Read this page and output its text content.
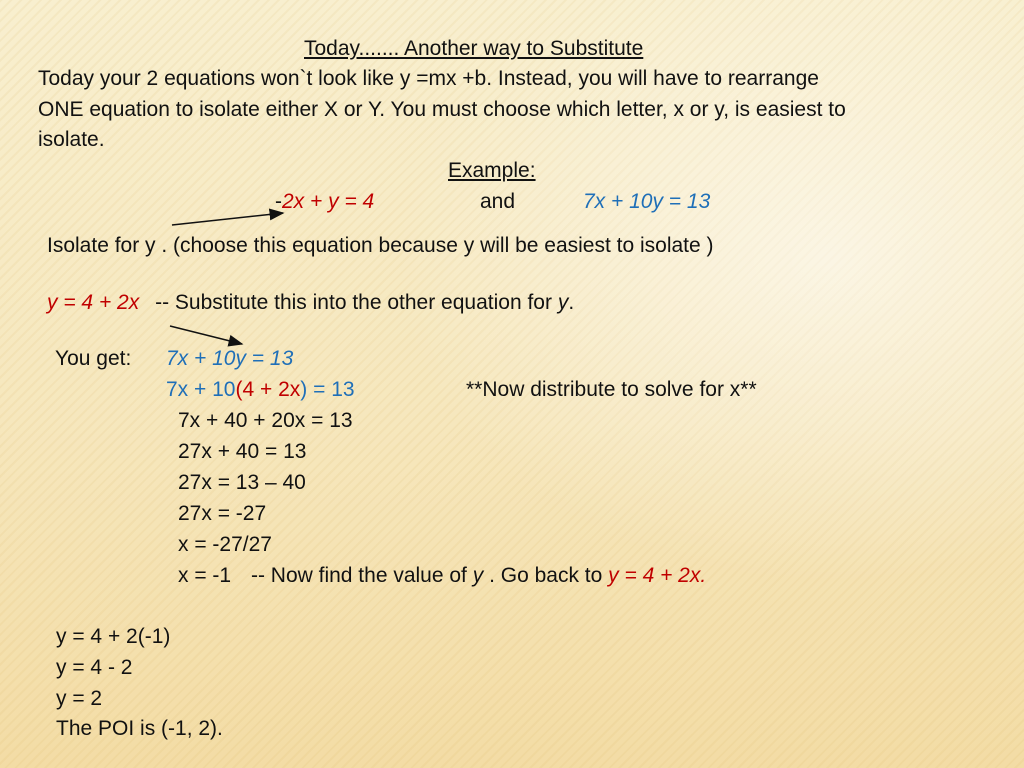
Today....... Another way to Substitute
Today your 2 equations won`t look like y =mx +b. Instead, you will have to rearrange
ONE equation to isolate either X or Y. You must choose which letter, x or y, is easiest to
isolate.
Example:
-2x + y = 4	and	7x + 10y = 13
Isolate for y . (choose this equation because y will be easiest to isolate )
y = 4 + 2x -- Substitute this into the other equation for y.
You get: 7x + 10y = 13
7x + 10(4 + 2x) = 13	**Now distribute to solve for x**
7x + 40 + 20x = 13
27x + 40 = 13
27x = 13 – 40
27x = -27
x = -27/27
x = -1 -- Now find the value of y . Go back to y = 4 + 2x.
y = 4 + 2(-1)
y = 4 - 2
y = 2
The POI is (-1, 2).
